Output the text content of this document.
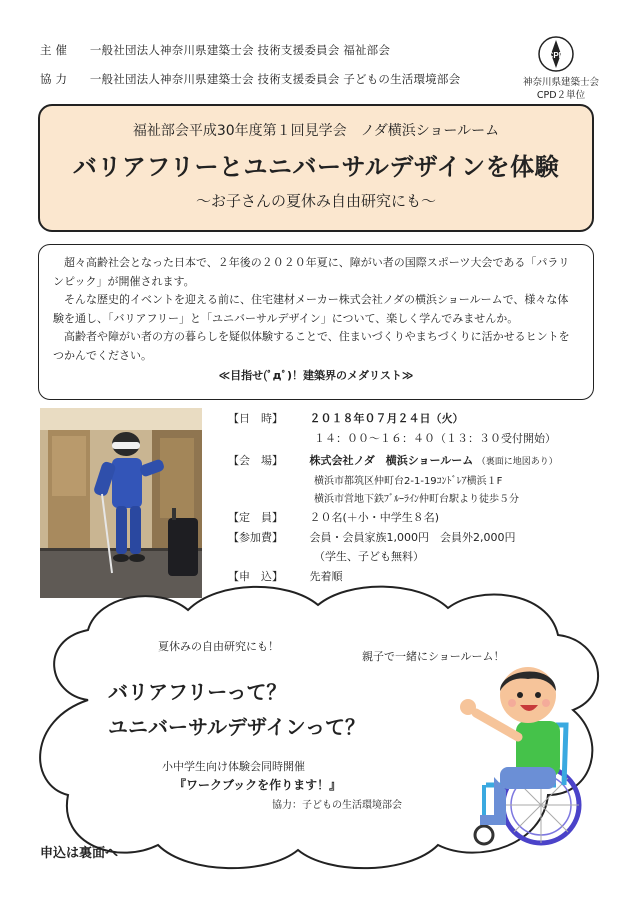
主 催 一般社団法人神奈川県建築士会 技術支援委員会 福祉部会
協 力 一般社団法人神奈川県建築士会 技術支援委員会 子どもの生活環境部会
CPD
神奈川県建築士会
CPD２単位
福祉部会平成30年度第１回見学会　ノダ横浜ショールーム
バリアフリーとユニバーサルデザインを体験
～お子さんの夏休み自由研究にも～

超々高齢社会となった日本で、２年後の２０２０年夏に、障がい者の国際スポーツ大会である「パラリンピック」が開催されます。

そんな歴史的イベントを迎える前に、住宅建材メーカー株式会社ノダの横浜ショールームで、様々な体験を通し、「バリアフリー」と「ユニバーサルデザイン」について、楽しく学んでみませんか。

高齢者や障がい者の方の暮らしを疑似体験することで、住まいづくりやまちづくりに活かせるヒントをつかんでください。

≪目指せ(ﾟдﾟ)！建築界のメダリスト≫

【日　時】 ２０１８年０７月２４日（火）
１４：００～１６：４０（１３：３０受付開始）
【会　場】 株式会社ノダ　横浜ショールーム （裏面に地図あり）
横浜市都筑区仲町台2-1-19ｺﾝﾄﾞﾚｱ横浜１F
横浜市営地下鉄ﾌﾞﾙｰﾗｲﾝ仲町台駅より徒歩５分
【定　員】 ２０名(＋小・中学生８名)
【参加費】 会員・会員家族1,000円　会員外2,000円
（学生、子ども無料）
【申　込】 先着順
夏休みの自由研究にも！
親子で一緒にショールーム！
バリアフリーって？
ユニバーサルデザインって？
小中学生向け体験会同時開催
『ワークブックを作ります！』
協力：子どもの生活環境部会
申込は裏面へ
